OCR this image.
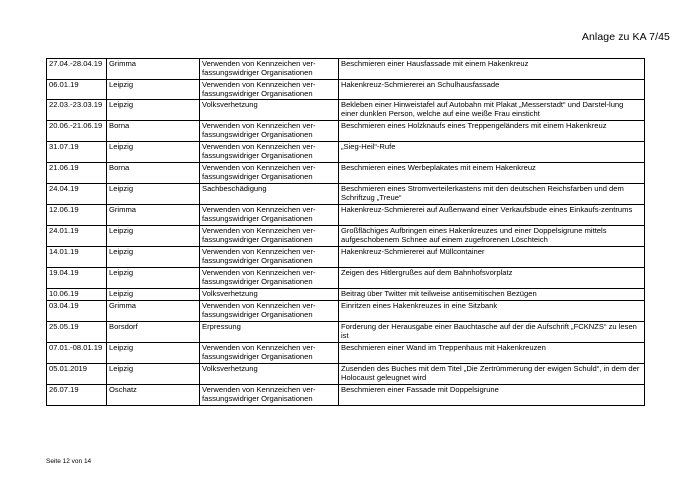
Anlage zu KA 7/45
27.04.-28.04.19	Grimma	Verwenden von Kennzeichen ver-fassungswidriger Organisationen	Beschmieren einer Hausfassade mit einem Hakenkreuz
06.01.19	Leipzig	Verwenden von Kennzeichen ver-fassungswidriger Organisationen	Hakenkreuz-Schmiererei an Schulhausfassade
22.03.-23.03.19	Leipzig	Volksverhetzung	Bekleben einer Hinweistafel auf Autobahn mit Plakat „Messerstadt“ und Darstel-lung einer dunklen Person, welche auf eine weiße Frau einsticht
20.06.-21.06.19	Borna	Verwenden von Kennzeichen ver-fassungswidriger Organisationen	Beschmieren eines Holzknaufs eines Treppengeländers mit einem Hakenkreuz
31.07.19	Leipzig	Verwenden von Kennzeichen ver-fassungswidriger Organisationen	„Sieg-Heil“-Rufe
21.06.19	Borna	Verwenden von Kennzeichen ver-fassungswidriger Organisationen	Beschmieren eines Werbeplakates mit einem Hakenkreuz
24.04.19	Leipzig	Sachbeschädigung	Beschmieren eines Stromverteilerkastens mit den deutschen Reichsfarben und dem Schriftzug „Treue“
12.06.19	Grimma	Verwenden von Kennzeichen ver-fassungswidriger Organisationen	Hakenkreuz-Schmiererei auf Außenwand einer Verkaufsbude eines Einkaufs-zentrums
24.01.19	Leipzig	Verwenden von Kennzeichen ver-fassungswidriger Organisationen	Großflächiges Aufbringen eines Hakenkreuzes und einer Doppelsigrune mittels aufgeschobenem Schnee auf einem zugefrorenen Löschteich
14.01.19	Leipzig	Verwenden von Kennzeichen ver-fassungswidriger Organisationen	Hakenkreuz-Schmiererei auf Müllcontainer
19.04.19	Leipzig	Verwenden von Kennzeichen ver-fassungswidriger Organisationen	Zeigen des Hitlergrußes auf dem Bahnhofsvorplatz
10.06.19	Leipzig	Volksverhetzung	Beitrag über Twitter mit teilweise antisemitischen Bezügen
03.04.19	Grimma	Verwenden von Kennzeichen ver-fassungswidriger Organisationen	Einritzen eines Hakenkreuzes in eine Sitzbank
25.05.19	Borsdorf	Erpressung	Forderung der Herausgabe einer Bauchtasche auf der die Aufschrift „FCKNZS“ zu lesen ist
07.01.-08.01.19	Leipzig	Verwenden von Kennzeichen ver-fassungswidriger Organisationen	Beschmieren einer Wand im Treppenhaus mit Hakenkreuzen
05.01.2019	Leipzig	Volksverhetzung	Zusenden des Buches mit dem Titel „Die Zertrümmerung der ewigen Schuld“, in dem der Holocaust geleugnet wird
26.07.19	Oschatz	Verwenden von Kennzeichen ver-fassungswidriger Organisationen	Beschmieren einer Fassade mit Doppelsigrune
Seite 12 von 14
